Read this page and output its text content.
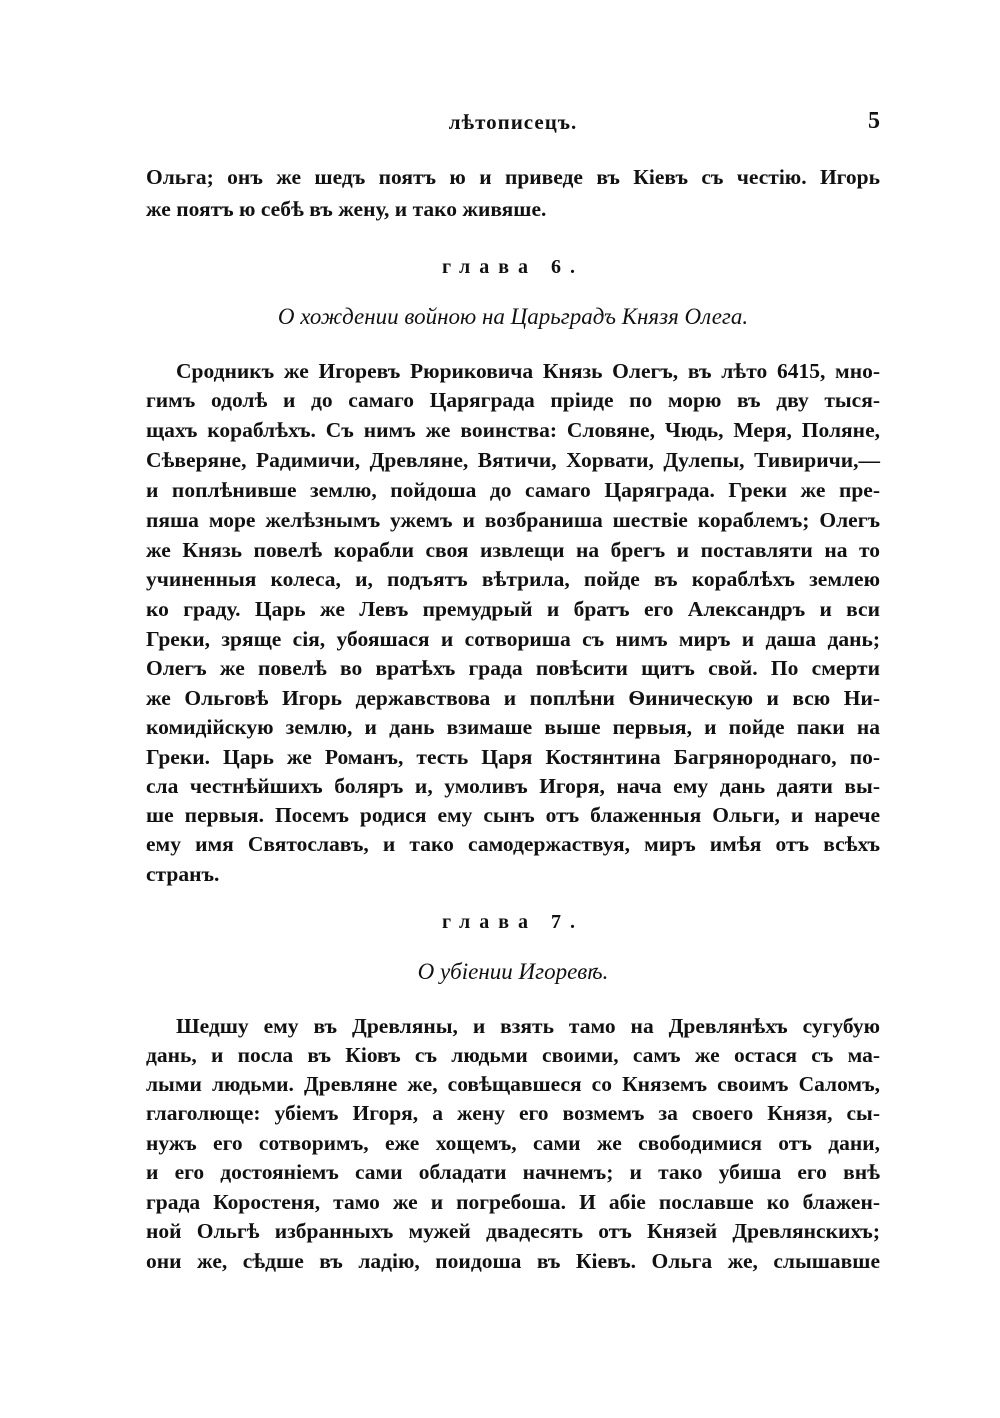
лѣтописецъ.	5
Ольга; онъ же шедъ поятъ ю и приведе въ Кіевъ съ честію. Игорь
же поятъ ю себѣ въ жену, и тако живяше.
глава 6.
О хождении войною на Царьградъ Князя Олега.
Сродникъ же Игоревъ Рюриковича Князь Олегъ, въ лѣто 6415, мно-
гимъ одолѣ и до самаго Царяграда пріиде по морю въ дву тыся-
щахъ кораблѣхъ. Съ нимъ же воинства: Словяне, Чюдь, Меря, Поляне,
Сѣверяне, Радимичи, Древляне, Вятичи, Хорвати, Дулепы, Тивиричи,—
и поплѣнивше землю, пойдоша до самаго Царяграда. Греки же пре-
пяша море желѣзнымъ ужемъ и возбраниша шествіе кораблемъ; Олегъ
же Князь повелѣ корабли своя извлещи на брегъ и поставляти на то
учиненныя колеса, и, подъятъ вѣтрила, пойде въ кораблѣхъ землею
ко граду. Царь же Левъ премудрый и братъ его Александръ и вси
Греки, зряще сія, убояшася и сотвориша съ нимъ миръ и даша дань;
Олегъ же повелѣ во вратѣхъ града повѣсити щитъ свой. По смерти
же Ольговѣ Игорь державствова и поплѣни Ѳиническую и всю Ни-
комидійскую землю, и дань взимаше выше первыя, и пойде паки на
Греки. Царь же Романъ, тесть Царя Костянтина Багрянороднаго, по-
сла честнѣйшихъ боляръ и, умоливъ Игоря, нача ему дань даяти вы-
ше первыя. Посемъ родися ему сынъ отъ блаженныя Ольги, и нарече
ему имя Святославъ, и тако самодержаствуя, миръ имѣя отъ всѣхъ
странъ.
глава 7.
О убіении Игоревѣ.
Шедшу ему въ Древляны, и взять тамо на Древлянѣхъ сугубую
дань, и посла въ Кіовъ съ людьми своими, самъ же остася съ ма-
лыми людьми. Древляне же, совѣщавшеся со Княземъ своимъ Саломъ,
глаголюще: убіемъ Игоря, а жену его возмемъ за своего Князя, сы-
нужъ его сотворимъ, еже хощемъ, сами же свободимися отъ дани,
и его достояніемъ сами обладати начнемъ; и тако убиша его внѣ
града Коростеня, тамо же и погребоша. И абіе пославше ко блажен-
ной Ольгѣ избранныхъ мужей двадесять отъ Князей Древлянскихъ;
они же, сѣдше въ ладію, поидоша въ Кіевъ. Ольга же, слышавше
